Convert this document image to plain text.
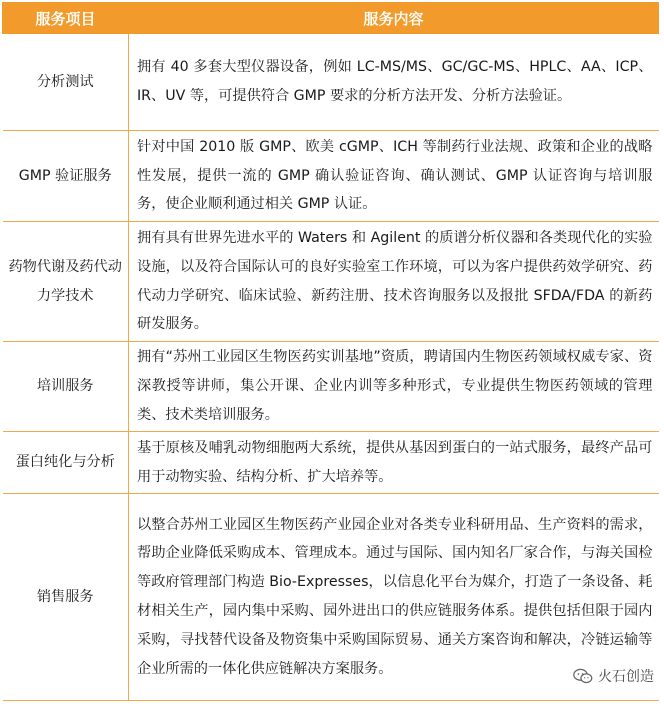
服务项目	服务内容
分析测试	拥有 40 多套大型仪器设备，例如 LC-MS/MS、GC/GC-MS、HPLC、AA、ICP、IR、UV 等，可提供符合 GMP 要求的分析方法开发、分析方法验证。
GMP 验证服务	针对中国 2010 版 GMP、欧美 cGMP、ICH 等制药行业法规、政策和企业的战略性发展，提供一流的 GMP 确认验证咨询、确认测试、GMP 认证咨询与培训服务，使企业顺利通过相关 GMP 认证。
药物代谢及药代动力学技术	拥有具有世界先进水平的 Waters 和 Agilent 的质谱分析仪器和各类现代化的实验设施，以及符合国际认可的良好实验室工作环境，可以为客户提供药效学研究、药代动力学研究、临床试验、新药注册、技术咨询服务以及报批 SFDA/FDA 的新药研发服务。
培训服务	拥有“苏州工业园区生物医药实训基地”资质，聘请国内生物医药领域权威专家、资深教授等讲师，集公开课、企业内训等多种形式，专业提供生物医药领域的管理类、技术类培训服务。
蛋白纯化与分析	基于原核及哺乳动物细胞两大系统，提供从基因到蛋白的一站式服务，最终产品可用于动物实验、结构分析、扩大培养等。
销售服务	以整合苏州工业园区生物医药产业园企业对各类专业科研用品、生产资料的需求，帮助企业降低采购成本、管理成本。通过与国际、国内知名厂家合作，与海关国检等政府管理部门构造 Bio-Expresses，以信息化平台为媒介，打造了一条设备、耗材相关生产，园内集中采购、园外进出口的供应链服务体系。提供包括但限于园内采购，寻找替代设备及物资集中采购国际贸易、通关方案咨询和解决，冷链运输等企业所需的一体化供应链解决方案服务。
火石创造
